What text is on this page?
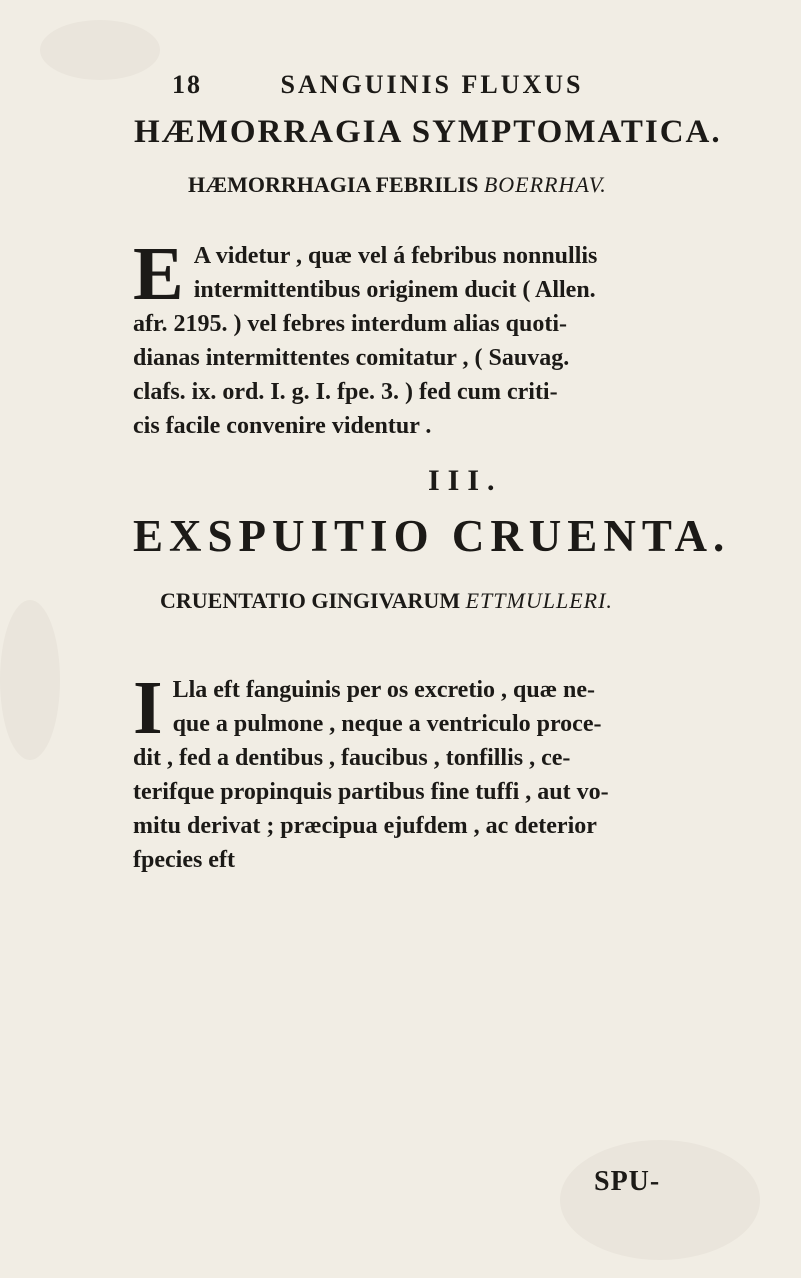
18	SANGUINIS FLUXUS
HÆMORRAGIA SYMPTOMATICA.
HÆMORRHAGIA FEBRILIS BOERRHAV.
E A videtur , quæ vel á febribus nonnullis
intermittentibus originem ducit ( Allen.
afr. 2195. ) vel febres interdum alias quoti-
dianas intermittentes comitatur , ( Sauvag.
clafs. ix. ord. I. g. I. fpe. 3. ) fed cum criti-
cis facile convenire videntur .
III.
EXSPUITIO CRUENTA.
CRUENTATIO GINGIVARUM ETTMULLERI.
I Lla eft fanguinis per os excretio , quæ ne-
que a pulmone , neque a ventriculo proce-
dit , fed a dentibus , faucibus , tonfillis , ce-
terifque propinquis partibus fine tuffi , aut vo-
mitu derivat ; præcipua ejufdem , ac deterior
fpecies eft
SPU-
